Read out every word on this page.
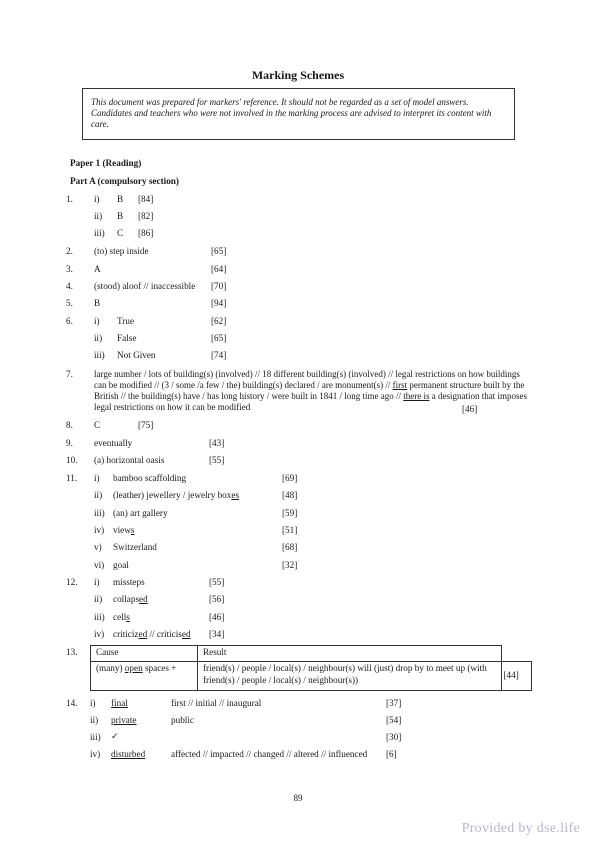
Marking Schemes
This document was prepared for markers' reference. It should not be regarded as a set of model answers. Candidates and teachers who were not involved in the marking process are advised to interpret its content with care.
Paper 1 (Reading)
Part A (compulsory section)
1. i) B [84]
ii) B [82]
iii) C [86]
2. (to) step inside	[65]
3. A	[64]
4. (stood) aloof // inaccessible [70]
5. B	[94]
6. i) True	[62]
ii) False	[65]
iii) Not Given	[74]
7. large number / lots of building(s) (involved) // 18 different building(s) (involved) // legal restrictions on how buildings can be modified // (3 / some /a few / the) building(s) declared / are monument(s) // first permanent structure built by the British // the building(s) have / has long history / were built in 1841 / long time ago // there is a designation that imposes legal restrictions on how it can be modified	[46]
8. C	[75]
9. eventually	[43]
10. (a) horizontal oasis	[55]
11. i) bamboo scaffolding	[69]
ii) (leather) jewellery / jewelry boxes	[48]
iii) (an) art gallery	[59]
iv) views	[51]
v) Switzerland	[68]
vi) goal	[32]
12. i) missteps	[55]
ii) collapsed	[56]
iii) cells	[46]
iv) criticized // criticised [34]
13. Cause	Result	
(many) open spaces +	friend(s) / people / local(s) / neighbour(s) will (just) drop by to meet up (with friend(s) / people / local(s) / neighbour(s))	[44]
14. i) final	first // initial // inaugural	[37]
ii) private	public	[54]
iii) ✓	[30]
iv) disturbed	affected // impacted // changed // altered // influenced [6]
89
Provided by dse.life
